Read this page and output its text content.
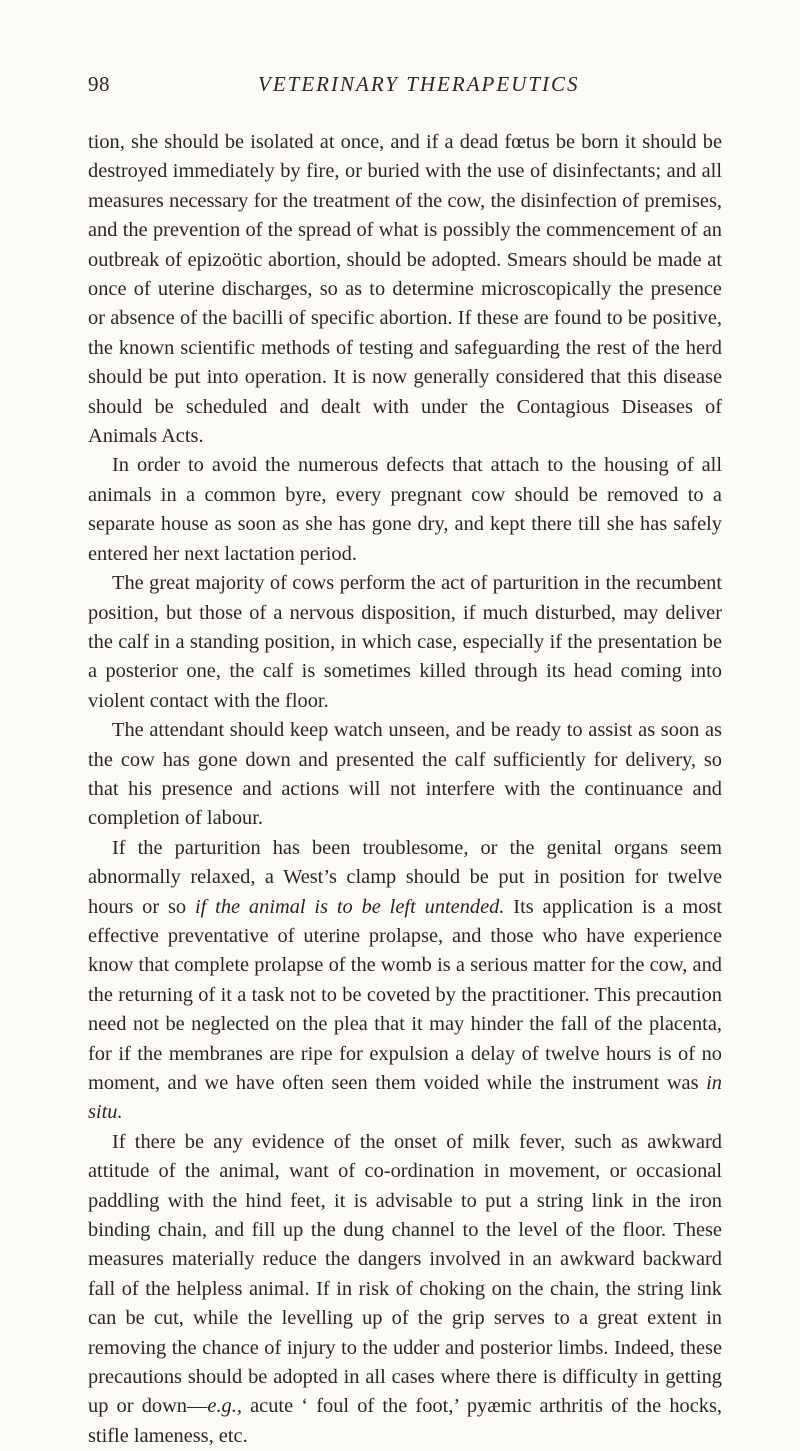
98	VETERINARY THERAPEUTICS

tion, she should be isolated at once, and if a dead fœtus be born it should be destroyed immediately by fire, or buried with the use of disinfectants; and all measures necessary for the treatment of the cow, the disinfection of premises, and the prevention of the spread of what is possibly the commencement of an outbreak of epizoötic abortion, should be adopted. Smears should be made at once of uterine discharges, so as to determine microscopically the presence or absence of the bacilli of specific abortion. If these are found to be positive, the known scientific methods of testing and safeguarding the rest of the herd should be put into operation. It is now generally considered that this disease should be scheduled and dealt with under the Contagious Diseases of Animals Acts.

In order to avoid the numerous defects that attach to the housing of all animals in a common byre, every pregnant cow should be removed to a separate house as soon as she has gone dry, and kept there till she has safely entered her next lactation period.

The great majority of cows perform the act of parturition in the recumbent position, but those of a nervous disposition, if much disturbed, may deliver the calf in a standing position, in which case, especially if the presentation be a posterior one, the calf is sometimes killed through its head coming into violent contact with the floor.

The attendant should keep watch unseen, and be ready to assist as soon as the cow has gone down and presented the calf sufficiently for delivery, so that his presence and actions will not interfere with the continuance and completion of labour.

If the parturition has been troublesome, or the genital organs seem abnormally relaxed, a West’s clamp should be put in position for twelve hours or so if the animal is to be left untended. Its application is a most effective preventative of uterine prolapse, and those who have experience know that complete prolapse of the womb is a serious matter for the cow, and the returning of it a task not to be coveted by the practitioner. This precaution need not be neglected on the plea that it may hinder the fall of the placenta, for if the membranes are ripe for expulsion a delay of twelve hours is of no moment, and we have often seen them voided while the instrument was in situ.

If there be any evidence of the onset of milk fever, such as awkward attitude of the animal, want of co-ordination in movement, or occasional paddling with the hind feet, it is advisable to put a string link in the iron binding chain, and fill up the dung channel to the level of the floor. These measures materially reduce the dangers involved in an awkward backward fall of the helpless animal. If in risk of choking on the chain, the string link can be cut, while the levelling up of the grip serves to a great extent in removing the chance of injury to the udder and posterior limbs. Indeed, these precautions should be adopted in all cases where there is difficulty in getting up or down—e.g., acute ‘ foul of the foot,’ pyæmic arthritis of the hocks, stifle lameness, etc.
